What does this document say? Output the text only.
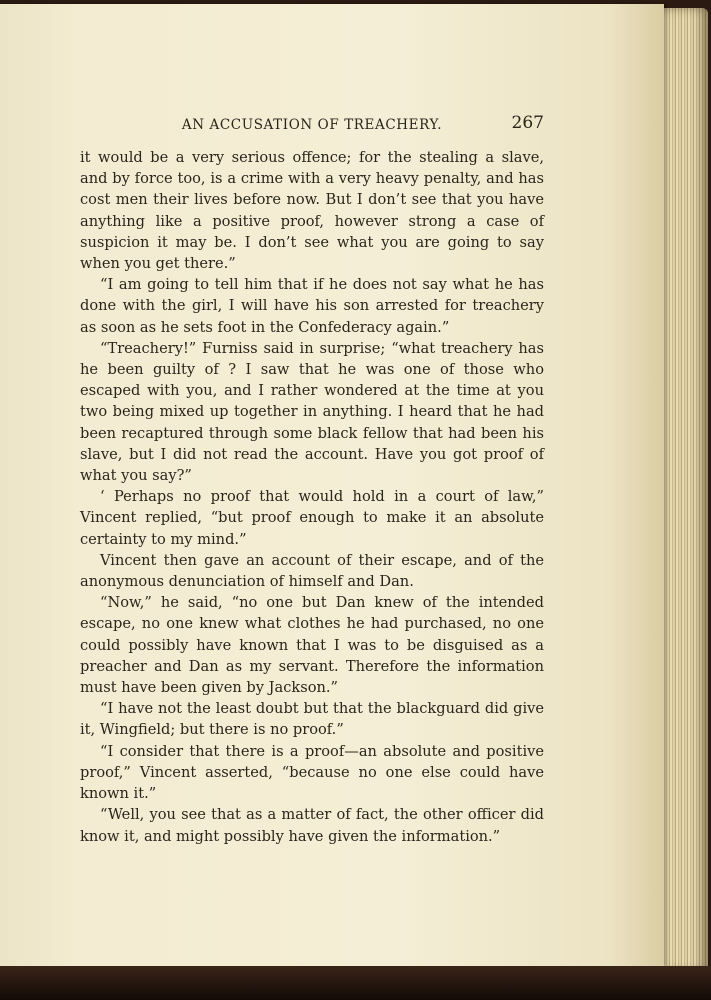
AN ACCUSATION OF TREACHERY.	267

it would be a very serious offence; for the stealing a slave, and by force too, is a crime with a very heavy penalty, and has cost men their lives before now. But I don’t see that you have anything like a positive proof, however strong a case of suspicion it may be. I don’t see what you are going to say when you get there.”

“I am going to tell him that if he does not say what he has done with the girl, I will have his son arrested for treachery as soon as he sets foot in the Confederacy again.”

“Treachery!” Furniss said in surprise; “what treachery has he been guilty of ? I saw that he was one of those who escaped with you, and I rather wondered at the time at you two being mixed up together in anything. I heard that he had been recaptured through some black fellow that had been his slave, but I did not read the account. Have you got proof of what you say?”

‘ Perhaps no proof that would hold in a court of law,” Vincent replied, “but proof enough to make it an absolute certainty to my mind.”

Vincent then gave an account of their escape, and of the anonymous denunciation of himself and Dan.

“Now,” he said, “no one but Dan knew of the intended escape, no one knew what clothes he had purchased, no one could possibly have known that I was to be disguised as a preacher and Dan as my servant. Therefore the information must have been given by Jackson.”

“I have not the least doubt but that the blackguard did give it, Wingfield; but there is no proof.”

“I consider that there is a proof—an absolute and positive proof,” Vincent asserted, “because no one else could have known it.”

“Well, you see that as a matter of fact, the other officer did know it, and might possibly have given the information.”
